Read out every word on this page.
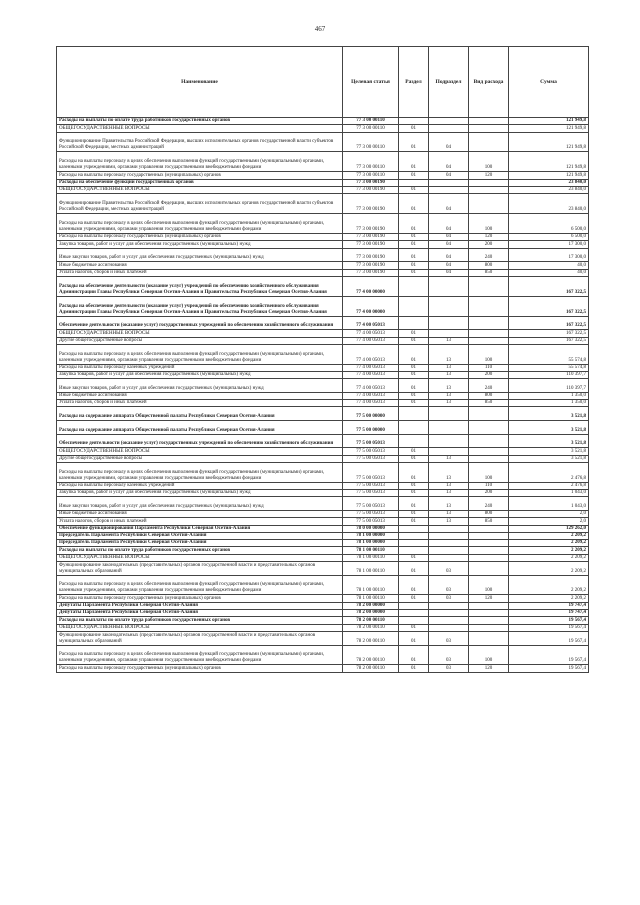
467
Наименование	Целевая статья	Раздел	Подраздел	Вид расхода	Сумма
Расходы на выплаты по оплате труда работников государственных органов	77 3 00 00110				121 949,8
ОБЩЕГОСУДАРСТВЕННЫЕ ВОПРОСЫ	77 3 00 00110	01			121 949,8
Функционирование Правительства Российской Федерации, высших исполнительных органов государственной власти субъектов Российской Федерации, местных администраций	77 3 00 00110	01	04		121 949,8
Расходы на выплаты персоналу в целях обеспечения выполнения функций государственными (муниципальными) органами, казенными учреждениями, органами управления государственными внебюджетными фондами	77 3 00 00110	01	04	100	121 949,8
Расходы на выплаты персоналу государственных (муниципальных) органов	77 3 00 00110	01	04	120	121 949,8
Расходы на обеспечение функций государственных органов	77 3 00 00190				23 840,0
ОБЩЕГОСУДАРСТВЕННЫЕ ВОПРОСЫ	77 3 00 00190	01			23 840,0
Функционирование Правительства Российской Федерации, высших исполнительных органов государственной власти субъектов Российской Федерации, местных администраций	77 3 00 00190	01	04		23 840,0
Расходы на выплаты персоналу в целях обеспечения выполнения функций государственными (муниципальными) органами, казенными учреждениями, органами управления государственными внебюджетными фондами	77 3 00 00190	01	04	100	6 500,0
Расходы на выплаты персоналу государственных (муниципальных) органов	77 3 00 00190	01	04	120	6 500,0
Закупка товаров, работ и услуг для обеспечения государственных (муниципальных) нужд	77 3 00 00190	01	04	200	17 300,0
Иные закупки товаров, работ и услуг для обеспечения государственных (муниципальных) нужд	77 3 00 00190	01	04	240	17 300,0
Иные бюджетные ассигнования	77 3 00 00190	01	04	800	40,0
Уплата налогов, сборов и иных платежей	77 3 00 00190	01	04	850	40,0
Расходы на обеспечение деятельности (оказание услуг) учреждений по обеспечению хозяйственного обслуживания Администрации Главы Республики Северная Осетия-Алания и Правительства Республики Северная Осетия-Алания	77 4 00 00000				167 322,5
Расходы на обеспечение деятельности (оказание услуг) учреждений по обеспечению хозяйственного обслуживания Администрации Главы Республики Северная Осетия-Алания и Правительства Республики Северная Осетия-Алания	77 4 00 00000				167 322,5
Обеспечение деятельности (оказание услуг) государственных учреждений по обеспечению хозяйственного обслуживания	77 4 00 05013				167 322,5
ОБЩЕГОСУДАРСТВЕННЫЕ ВОПРОСЫ	77 4 00 05013	01			167 322,5
Другие общегосударственные вопросы	77 4 00 05013	01	13		167 322,5
Расходы на выплаты персоналу в целях обеспечения выполнения функций государственными (муниципальными) органами, казенными учреждениями, органами управления государственными внебюджетными фондами	77 4 00 05013	01	13	100	55 574,8
Расходы на выплаты персоналу казенных учреждений	77 4 00 05013	01	13	110	55 574,8
Закупка товаров, работ и услуг для обеспечения государственных (муниципальных) нужд	77 4 00 05013	01	13	200	110 397,7
Иные закупки товаров, работ и услуг для обеспечения государственных (муниципальных) нужд	77 4 00 05013	01	13	240	110 397,7
Иные бюджетные ассигнования	77 4 00 05013	01	13	800	1 350,0
Уплата налогов, сборов и иных платежей	77 4 00 05013	01	13	850	1 350,0
Расходы на содержание аппарата Общественной палаты Республики Северная Осетия-Алания	77 5 00 00000				3 521,8
Расходы на содержание аппарата Общественной палаты Республики Северная Осетия-Алания	77 5 00 00000				3 521,8
Обеспечение деятельности (оказание услуг) государственных учреждений по обеспечению хозяйственного обслуживания	77 5 00 05013				3 521,8
ОБЩЕГОСУДАРСТВЕННЫЕ ВОПРОСЫ	77 5 00 05013	01			3 521,8
Другие общегосударственные вопросы	77 5 00 05013	01	13		3 521,8
Расходы на выплаты персоналу в целях обеспечения выполнения функций государственными (муниципальными) органами, казенными учреждениями, органами управления государственными внебюджетными фондами	77 5 00 05013	01	13	100	2 476,8
Расходы на выплаты персоналу казенных учреждений	77 5 00 05013	01	13	110	2 476,8
Закупка товаров, работ и услуг для обеспечения государственных (муниципальных) нужд	77 5 00 05013	01	13	200	1 043,0
Иные закупки товаров, работ и услуг для обеспечения государственных (муниципальных) нужд	77 5 00 05013	01	13	240	1 043,0
Иные бюджетные ассигнования	77 5 00 05013	01	13	800	2,0
Уплата налогов, сборов и иных платежей	77 5 00 05013	01	13	850	2,0
Обеспечение функционирования Парламента Республики Северная Осетия-Алания	78 0 00 00000				129 262,0
Председатель Парламента Республики Северная Осетия-Алания	78 1 00 00000				2 209,2
Председатель Парламента Республики Северная Осетия-Алания	78 1 00 00000				2 209,2
Расходы на выплаты по оплате труда работников государственных органов	78 1 00 00110				2 209,2
ОБЩЕГОСУДАРСТВЕННЫЕ ВОПРОСЫ	78 1 00 00110	01			2 209,2
Функционирование законодательных (представительных) органов государственной власти и представительных органов муниципальных образований	78 1 00 00110	01	03		2 209,2
Расходы на выплаты персоналу в целях обеспечения выполнения функций государственными (муниципальными) органами, казенными учреждениями, органами управления государственными внебюджетными фондами	78 1 00 00110	01	03	100	2 209,2
Расходы на выплаты персоналу государственных (муниципальных) органов	78 1 00 00110	01	03	120	2 209,2
Депутаты Парламента Республики Северная Осетия-Алания	78 2 00 00000				19 747,4
Депутаты Парламента Республики Северная Осетия-Алания	78 2 00 00000				19 747,4
Расходы на выплаты по оплате труда работников государственных органов	78 2 00 00110				19 567,4
ОБЩЕГОСУДАРСТВЕННЫЕ ВОПРОСЫ	78 2 00 00110	01			19 567,4
Функционирование законодательных (представительных) органов государственной власти и представительных органов муниципальных образований	78 2 00 00110	01	03		19 567,4
Расходы на выплаты персоналу в целях обеспечения выполнения функций государственными (муниципальными) органами, казенными учреждениями, органами управления государственными внебюджетными фондами	78 2 00 00110	01	03	100	19 567,4
Расходы на выплаты персоналу государственных (муниципальных) органов	78 2 00 00110	01	03	120	19 567,4
